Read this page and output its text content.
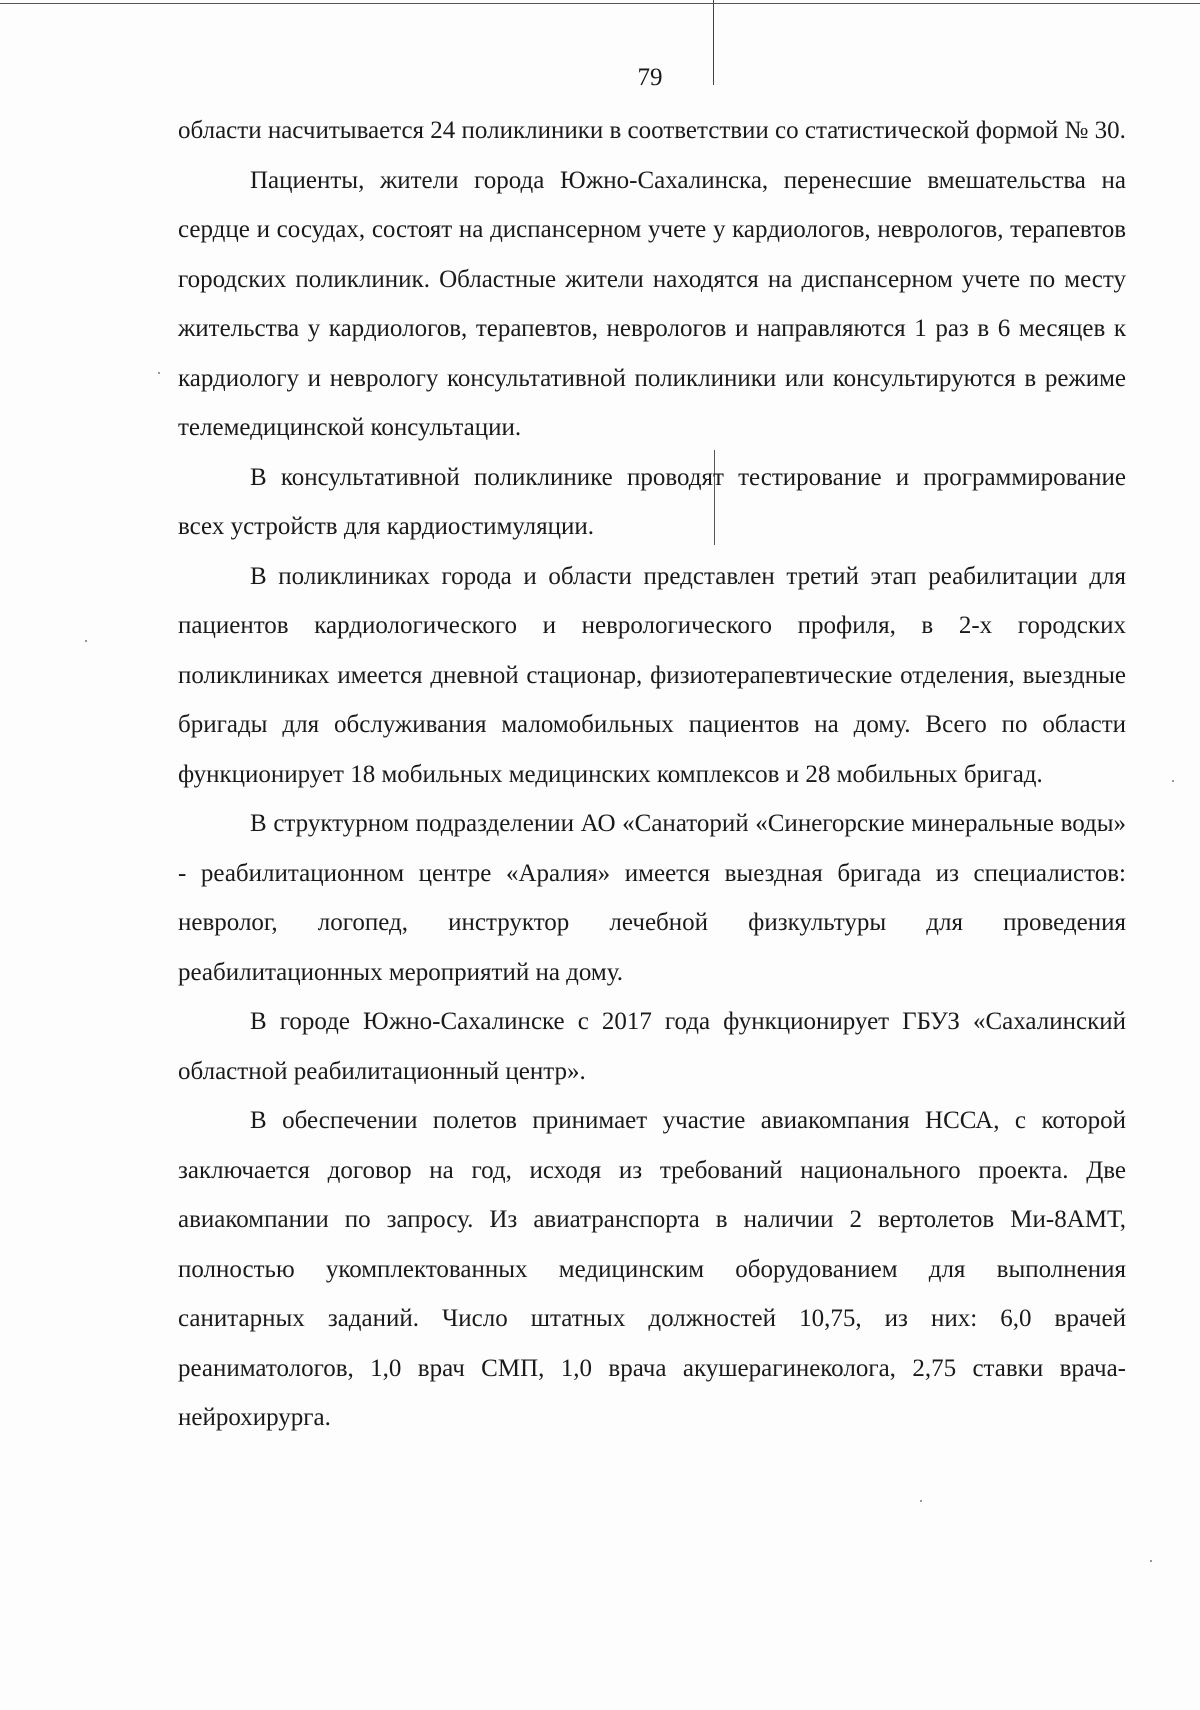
79

области насчитывается 24 поликлиники в соответствии со статистической формой № 30.

Пациенты, жители города Южно-Сахалинска, перенесшие вмешательства на сердце и сосудах, состоят на диспансерном учете у кардиологов, неврологов, терапевтов городских поликлиник. Областные жители находятся на диспансерном учете по месту жительства у кардиологов, терапевтов, неврологов и направляются 1 раз в 6 месяцев к кардиологу и неврологу консультативной поликлиники или консультируются в режиме телемедицинской консультации.

В консультативной поликлинике проводят тестирование и программирование всех устройств для кардиостимуляции.

В поликлиниках города и области представлен третий этап реабилитации для пациентов кардиологического и неврологического профиля, в 2-х городских поликлиниках имеется дневной стационар, физиотерапевтические отделения, выездные бригады для обслуживания маломобильных пациентов на дому. Всего по области функционирует 18 мобильных медицинских комплексов и 28 мобильных бригад.

В структурном подразделении АО «Санаторий «Синегорские минеральные воды» - реабилитационном центре «Аралия» имеется выездная бригада из специалистов: невролог, логопед, инструктор лечебной физкультуры для проведения реабилитационных мероприятий на дому.

В городе Южно-Сахалинске с 2017 года функционирует ГБУЗ «Сахалинский областной реабилитационный центр».

В обеспечении полетов принимает участие авиакомпания НССА, с которой заключается договор на год, исходя из требований национального проекта. Две авиакомпании по запросу. Из авиатранспорта в наличии 2 вертолетов Ми-8АМТ, полностью укомплектованных медицинским оборудованием для выполнения санитарных заданий. Число штатных должностей 10,75, из них: 6,0 врачей реаниматологов, 1,0 врач СМП, 1,0 врача акушерагинеколога, 2,75 ставки врача-нейрохирурга.
